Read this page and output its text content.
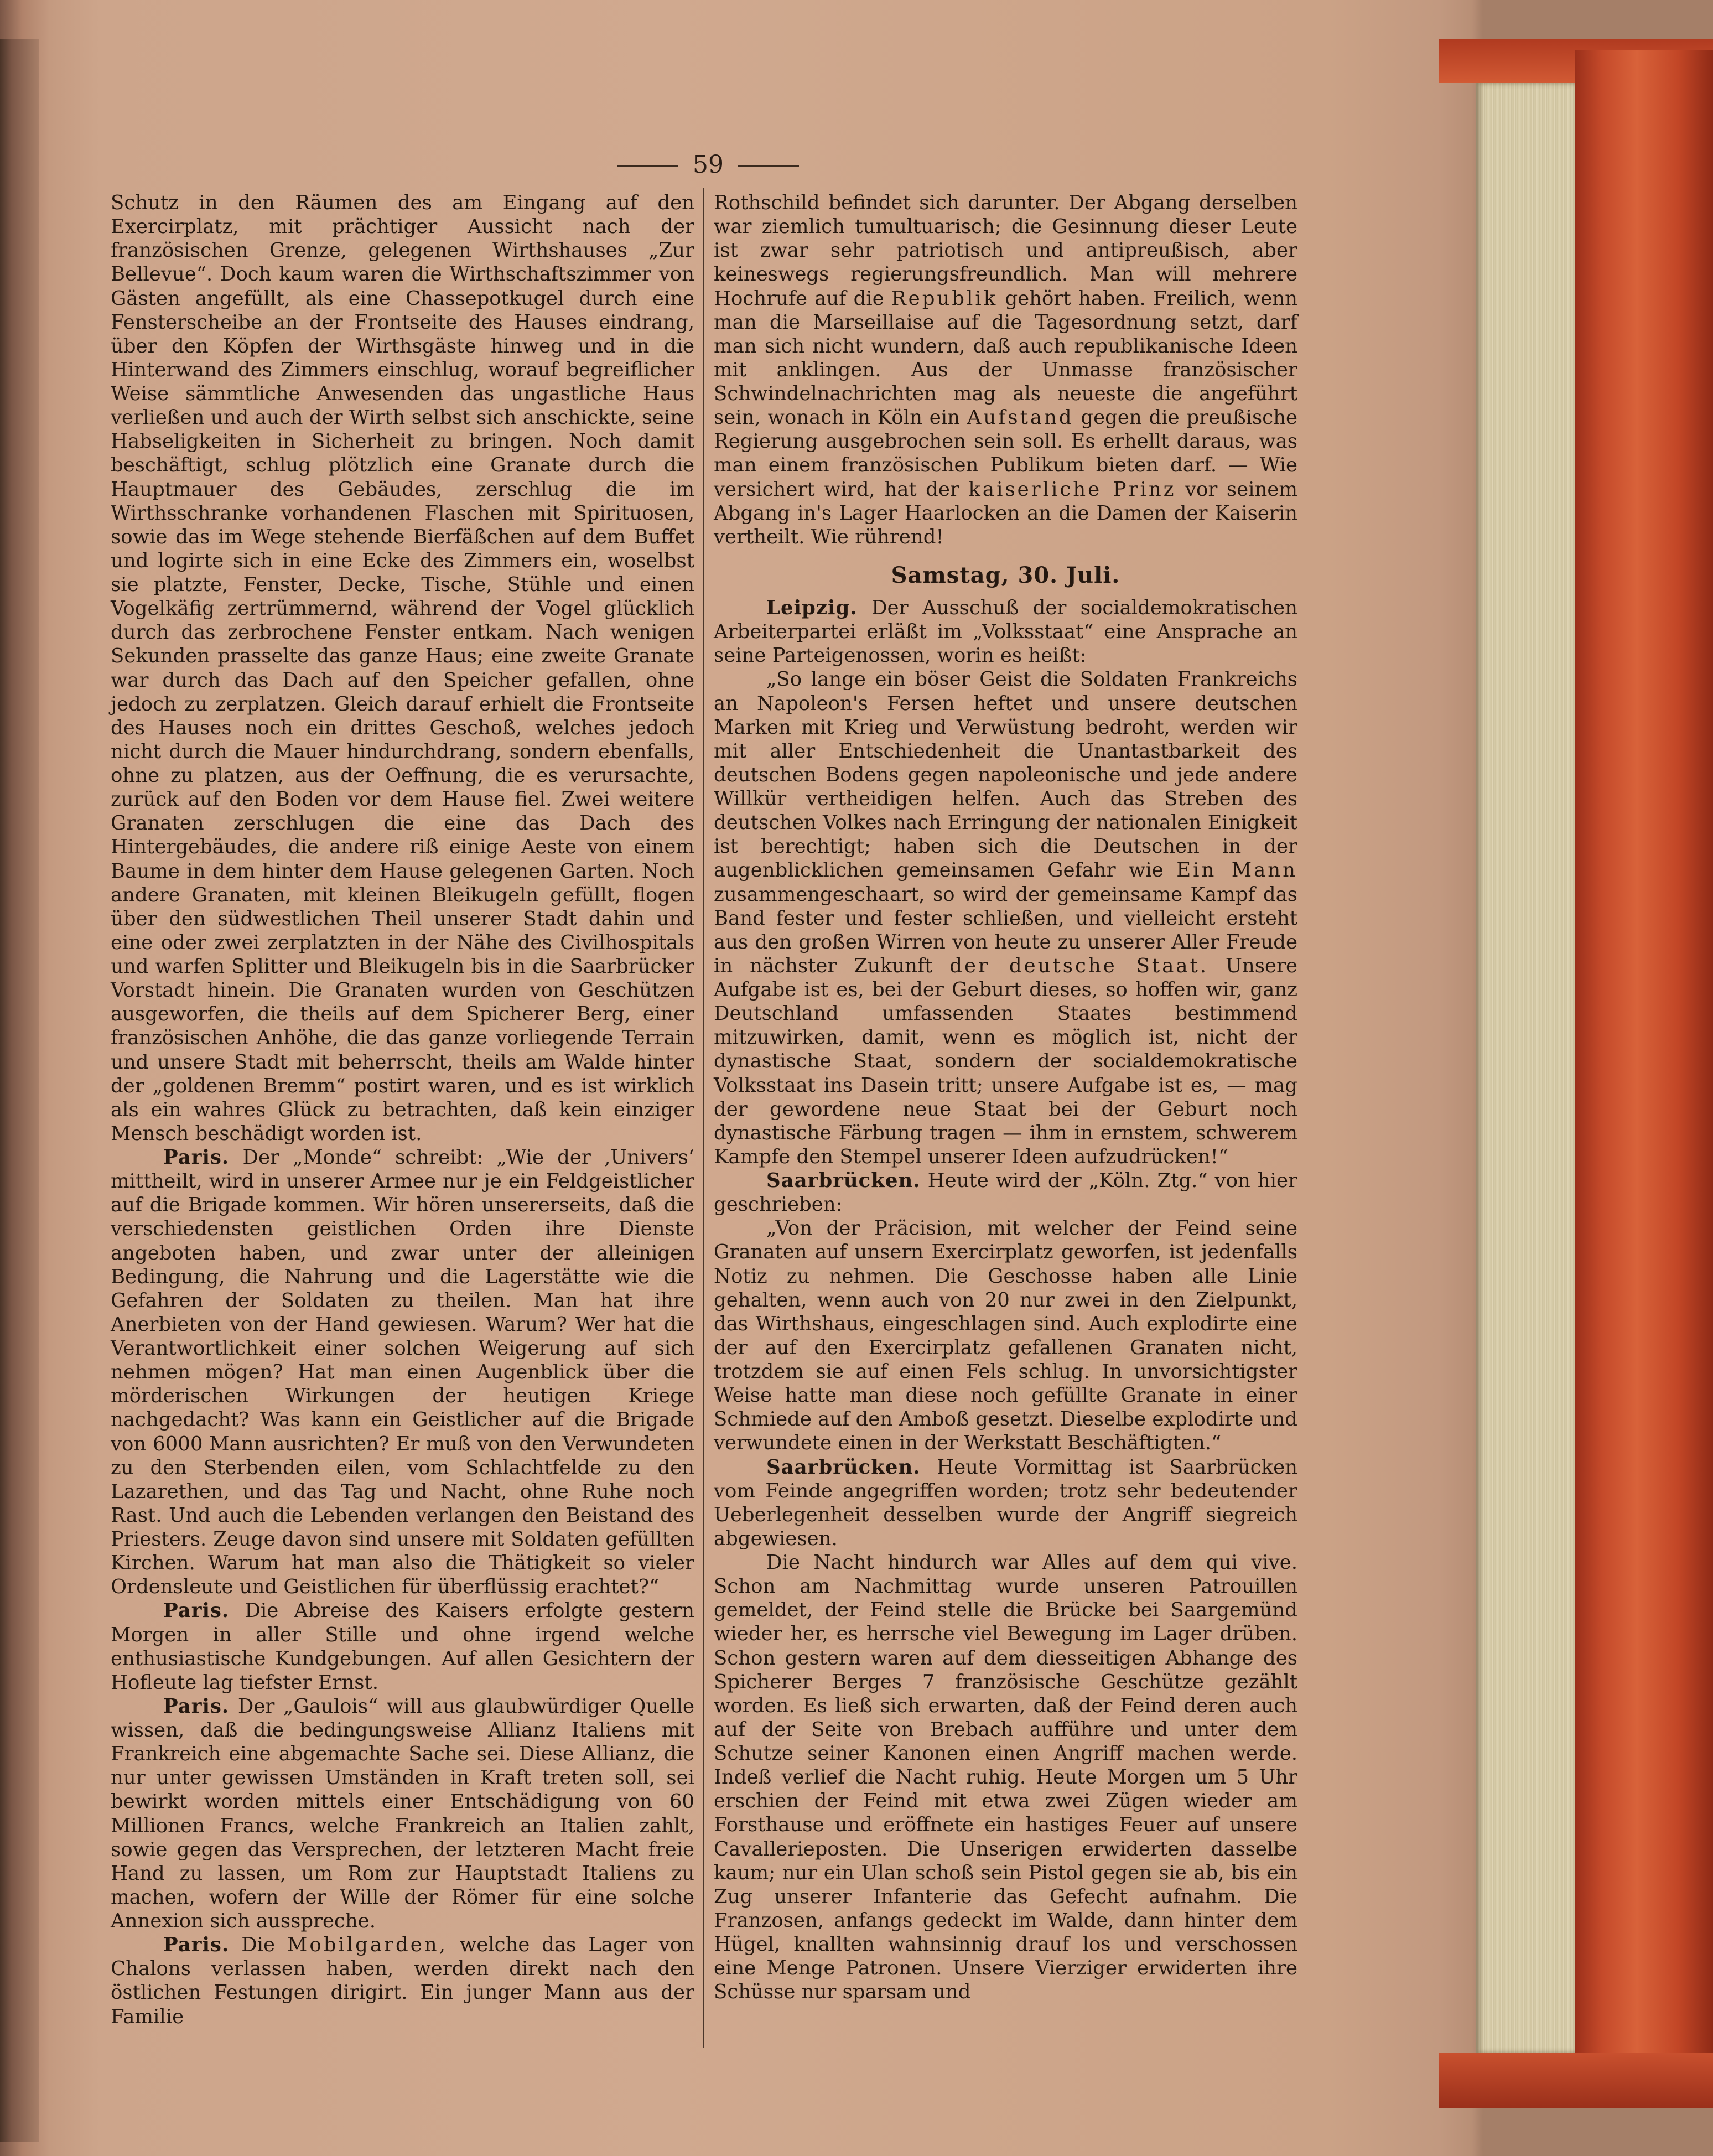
59

Schutz in den Räumen des am Eingang auf den Exercirplatz, mit prächtiger Aussicht nach der französischen Grenze, gelegenen Wirthshauses „Zur Bellevue“. Doch kaum waren die Wirthschaftszimmer von Gästen angefüllt, als eine Chassepotkugel durch eine Fensterscheibe an der Frontseite des Hauses eindrang, über den Köpfen der Wirthsgäste hinweg und in die Hinterwand des Zimmers einschlug, worauf begreiflicher Weise sämmtliche Anwesenden das ungastliche Haus verließen und auch der Wirth selbst sich anschickte, seine Habseligkeiten in Sicherheit zu bringen. Noch damit beschäftigt, schlug plötzlich eine Granate durch die Hauptmauer des Gebäudes, zerschlug die im Wirthsschranke vorhandenen Flaschen mit Spirituosen, sowie das im Wege stehende Bierfäßchen auf dem Buffet und logirte sich in eine Ecke des Zimmers ein, woselbst sie platzte, Fenster, Decke, Tische, Stühle und einen Vogelkäfig zertrümmernd, während der Vogel glücklich durch das zerbrochene Fenster entkam. Nach wenigen Sekunden prasselte das ganze Haus; eine zweite Granate war durch das Dach auf den Speicher gefallen, ohne jedoch zu zerplatzen. Gleich darauf erhielt die Frontseite des Hauses noch ein drittes Geschoß, welches jedoch nicht durch die Mauer hindurchdrang, sondern ebenfalls, ohne zu platzen, aus der Oeffnung, die es verursachte, zurück auf den Boden vor dem Hause fiel. Zwei weitere Granaten zerschlugen die eine das Dach des Hintergebäudes, die andere riß einige Aeste von einem Baume in dem hinter dem Hause gelegenen Garten. Noch andere Granaten, mit kleinen Bleikugeln gefüllt, flogen über den südwestlichen Theil unserer Stadt dahin und eine oder zwei zerplatzten in der Nähe des Civilhospitals und warfen Splitter und Bleikugeln bis in die Saarbrücker Vorstadt hinein. Die Granaten wurden von Geschützen ausgeworfen, die theils auf dem Spicherer Berg, einer französischen Anhöhe, die das ganze vorliegende Terrain und unsere Stadt mit beherrscht, theils am Walde hinter der „goldenen Bremm“ postirt waren, und es ist wirklich als ein wahres Glück zu betrachten, daß kein einziger Mensch beschädigt worden ist.

Paris. Der „Monde“ schreibt: „Wie der ‚Univers‘ mittheilt, wird in unserer Armee nur je ein Feldgeistlicher auf die Brigade kommen. Wir hören unsererseits, daß die verschiedensten geistlichen Orden ihre Dienste angeboten haben, und zwar unter der alleinigen Bedingung, die Nahrung und die Lagerstätte wie die Gefahren der Soldaten zu theilen. Man hat ihre Anerbieten von der Hand gewiesen. Warum? Wer hat die Verantwortlichkeit einer solchen Weigerung auf sich nehmen mögen? Hat man einen Augenblick über die mörderischen Wirkungen der heutigen Kriege nachgedacht? Was kann ein Geistlicher auf die Brigade von 6000 Mann ausrichten? Er muß von den Verwundeten zu den Sterbenden eilen, vom Schlachtfelde zu den Lazarethen, und das Tag und Nacht, ohne Ruhe noch Rast. Und auch die Lebenden verlangen den Beistand des Priesters. Zeuge davon sind unsere mit Soldaten gefüllten Kirchen. Warum hat man also die Thätigkeit so vieler Ordensleute und Geistlichen für überflüssig erachtet?“

Paris. Die Abreise des Kaisers erfolgte gestern Morgen in aller Stille und ohne irgend welche enthusiastische Kundgebungen. Auf allen Gesichtern der Hofleute lag tiefster Ernst.

Paris. Der „Gaulois“ will aus glaubwürdiger Quelle wissen, daß die bedingungsweise Allianz Italiens mit Frankreich eine abgemachte Sache sei. Diese Allianz, die nur unter gewissen Umständen in Kraft treten soll, sei bewirkt worden mittels einer Entschädigung von 60 Millionen Francs, welche Frankreich an Italien zahlt, sowie gegen das Versprechen, der letzteren Macht freie Hand zu lassen, um Rom zur Hauptstadt Italiens zu machen, wofern der Wille der Römer für eine solche Annexion sich ausspreche.

Paris. Die Mobilgarden, welche das Lager von Chalons verlassen haben, werden direkt nach den östlichen Festungen dirigirt. Ein junger Mann aus der Familie

Rothschild befindet sich darunter. Der Abgang derselben war ziemlich tumultuarisch; die Gesinnung dieser Leute ist zwar sehr patriotisch und antipreußisch, aber keineswegs regierungsfreundlich. Man will mehrere Hochrufe auf die Republik gehört haben. Freilich, wenn man die Marseillaise auf die Tagesordnung setzt, darf man sich nicht wundern, daß auch republikanische Ideen mit anklingen. Aus der Unmasse französischer Schwindelnachrichten mag als neueste die angeführt sein, wonach in Köln ein Aufstand gegen die preußische Regierung ausgebrochen sein soll. Es erhellt daraus, was man einem französischen Publikum bieten darf. — Wie versichert wird, hat der kaiserliche Prinz vor seinem Abgang in's Lager Haarlocken an die Damen der Kaiserin vertheilt. Wie rührend!

Samstag, 30. Juli.

Leipzig. Der Ausschuß der socialdemokratischen Arbeiterpartei erläßt im „Volksstaat“ eine Ansprache an seine Parteigenossen, worin es heißt:

„So lange ein böser Geist die Soldaten Frankreichs an Napoleon's Fersen heftet und unsere deutschen Marken mit Krieg und Verwüstung bedroht, werden wir mit aller Entschiedenheit die Unantastbarkeit des deutschen Bodens gegen napoleonische und jede andere Willkür vertheidigen helfen. Auch das Streben des deutschen Volkes nach Erringung der nationalen Einigkeit ist berechtigt; haben sich die Deutschen in der augenblicklichen gemeinsamen Gefahr wie Ein Mann zusammengeschaart, so wird der gemeinsame Kampf das Band fester und fester schließen, und vielleicht ersteht aus den großen Wirren von heute zu unserer Aller Freude in nächster Zukunft der deutsche Staat. Unsere Aufgabe ist es, bei der Geburt dieses, so hoffen wir, ganz Deutschland umfassenden Staates bestimmend mitzuwirken, damit, wenn es möglich ist, nicht der dynastische Staat, sondern der socialdemokratische Volksstaat ins Dasein tritt; unsere Aufgabe ist es, — mag der gewordene neue Staat bei der Geburt noch dynastische Färbung tragen — ihm in ernstem, schwerem Kampfe den Stempel unserer Ideen aufzudrücken!“

Saarbrücken. Heute wird der „Köln. Ztg.“ von hier geschrieben:

„Von der Präcision, mit welcher der Feind seine Granaten auf unsern Exercirplatz geworfen, ist jedenfalls Notiz zu nehmen. Die Geschosse haben alle Linie gehalten, wenn auch von 20 nur zwei in den Zielpunkt, das Wirthshaus, eingeschlagen sind. Auch explodirte eine der auf den Exercirplatz gefallenen Granaten nicht, trotzdem sie auf einen Fels schlug. In unvorsichtigster Weise hatte man diese noch gefüllte Granate in einer Schmiede auf den Amboß gesetzt. Dieselbe explodirte und verwundete einen in der Werkstatt Beschäftigten.“

Saarbrücken. Heute Vormittag ist Saarbrücken vom Feinde angegriffen worden; trotz sehr bedeutender Ueberlegenheit desselben wurde der Angriff siegreich abgewiesen.

Die Nacht hindurch war Alles auf dem qui vive. Schon am Nachmittag wurde unseren Patrouillen gemeldet, der Feind stelle die Brücke bei Saargemünd wieder her, es herrsche viel Bewegung im Lager drüben. Schon gestern waren auf dem diesseitigen Abhange des Spicherer Berges 7 französische Geschütze gezählt worden. Es ließ sich erwarten, daß der Feind deren auch auf der Seite von Brebach aufführe und unter dem Schutze seiner Kanonen einen Angriff machen werde. Indeß verlief die Nacht ruhig. Heute Morgen um 5 Uhr erschien der Feind mit etwa zwei Zügen wieder am Forsthause und eröffnete ein hastiges Feuer auf unsere Cavallerieposten. Die Unserigen erwiderten dasselbe kaum; nur ein Ulan schoß sein Pistol gegen sie ab, bis ein Zug unserer Infanterie das Gefecht aufnahm. Die Franzosen, anfangs gedeckt im Walde, dann hinter dem Hügel, knallten wahnsinnig drauf los und verschossen eine Menge Patronen. Unsere Vierziger erwiderten ihre Schüsse nur sparsam und
